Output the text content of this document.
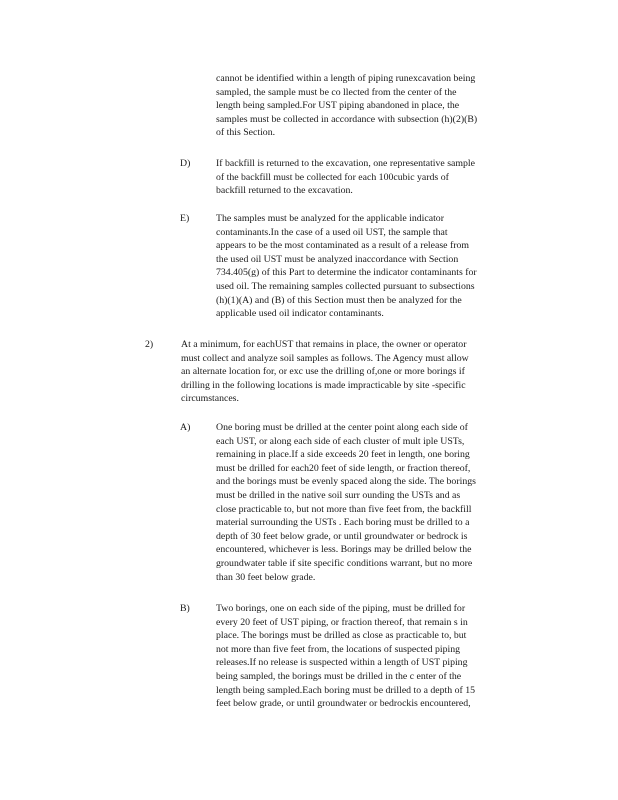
cannot be identified within a length of piping runexcavation being
sampled, the sample must be co llected from the center of the
length being sampled.For UST piping abandoned in place, the
samples must be collected in accordance with subsection (h)(2)(B)
of this Section.
D)	If backfill is returned to the excavation, one representative sample
of the backfill must be collected for each 100cubic yards of
backfill returned to the excavation.
E)	The samples must be analyzed for the applicable indicator
contaminants.In the case of a used oil UST, the sample that
appears to be the most contaminated as a result of a release from
the used oil UST must be analyzed inaccordance with Section
734.405(g) of this Part to determine the indicator contaminants for
used oil. The remaining samples collected pursuant to subsections
(h)(1)(A) and (B) of this Section must then be analyzed for the
applicable used oil indicator contaminants.
2)	At a minimum, for eachUST that remains in place, the owner or operator
must collect and analyze soil samples as follows. The Agency must allow
an alternate location for, or exc use the drilling of,one or more borings if
drilling in the following locations is made impracticable by site -specific
circumstances.
A)	One boring must be drilled at the center point along each side of
each UST, or along each side of each cluster of mult iple USTs,
remaining in place.If a side exceeds 20 feet in length, one boring
must be drilled for each20 feet of side length, or fraction thereof,
and the borings must be evenly spaced along the side. The borings
must be drilled in the native soil surr ounding the USTs and as
close practicable to, but not more than five feet from, the backfill
material surrounding the USTs . Each boring must be drilled to a
depth of 30 feet below grade, or until groundwater or bedrock is
encountered, whichever is less. Borings may be drilled below the
groundwater table if site specific conditions warrant, but no more
than 30 feet below grade.
B)	Two borings, one on each side of the piping, must be drilled for
every 20 feet of UST piping, or fraction thereof, that remain s in
place. The borings must be drilled as close as practicable to, but
not more than five feet from, the locations of suspected piping
releases.If no release is suspected within a length of UST piping
being sampled, the borings must be drilled in the c enter of the
length being sampled.Each boring must be drilled to a depth of 15
feet below grade, or until groundwater or bedrockis encountered,
